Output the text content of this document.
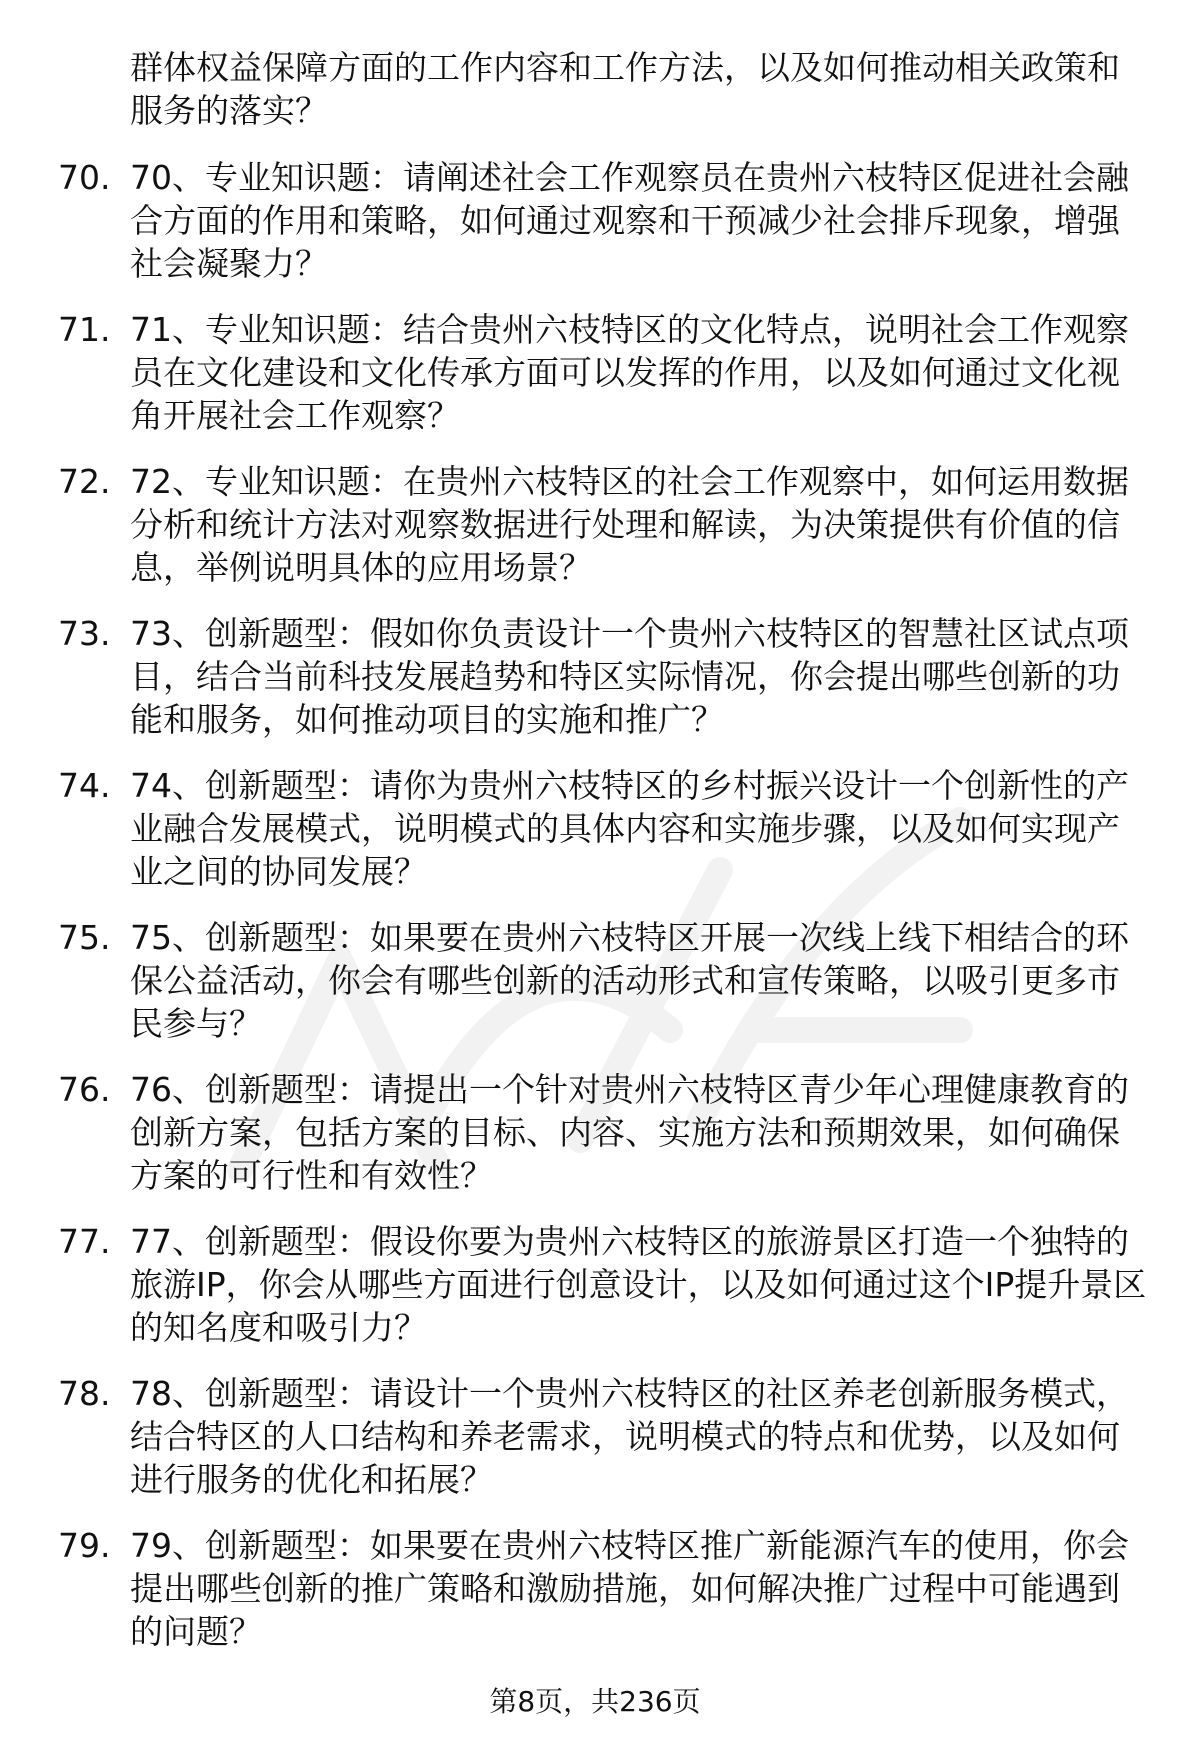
群体权益保障方面的工作内容和工作方法，以及如何推动相关政策和服务的落实？
70. 70、专业知识题：请阐述社会工作观察员在贵州六枝特区促进社会融合方面的作用和策略，如何通过观察和干预减少社会排斥现象，增强社会凝聚力？
71. 71、专业知识题：结合贵州六枝特区的文化特点，说明社会工作观察员在文化建设和文化传承方面可以发挥的作用，以及如何通过文化视角开展社会工作观察？
72. 72、专业知识题：在贵州六枝特区的社会工作观察中，如何运用数据分析和统计方法对观察数据进行处理和解读，为决策提供有价值的信息，举例说明具体的应用场景？
73. 73、创新题型：假如你负责设计一个贵州六枝特区的智慧社区试点项目，结合当前科技发展趋势和特区实际情况，你会提出哪些创新的功能和服务，如何推动项目的实施和推广？
74. 74、创新题型：请你为贵州六枝特区的乡村振兴设计一个创新性的产业融合发展模式，说明模式的具体内容和实施步骤，以及如何实现产业之间的协同发展？
75. 75、创新题型：如果要在贵州六枝特区开展一次线上线下相结合的环保公益活动，你会有哪些创新的活动形式和宣传策略，以吸引更多市民参与？
76. 76、创新题型：请提出一个针对贵州六枝特区青少年心理健康教育的创新方案，包括方案的目标、内容、实施方法和预期效果，如何确保方案的可行性和有效性？
77. 77、创新题型：假设你要为贵州六枝特区的旅游景区打造一个独特的旅游IP，你会从哪些方面进行创意设计，以及如何通过这个IP提升景区的知名度和吸引力？
78. 78、创新题型：请设计一个贵州六枝特区的社区养老创新服务模式，结合特区的人口结构和养老需求，说明模式的特点和优势，以及如何进行服务的优化和拓展？
79. 79、创新题型：如果要在贵州六枝特区推广新能源汽车的使用，你会提出哪些创新的推广策略和激励措施，如何解决推广过程中可能遇到的问题？
第8页，共236页
